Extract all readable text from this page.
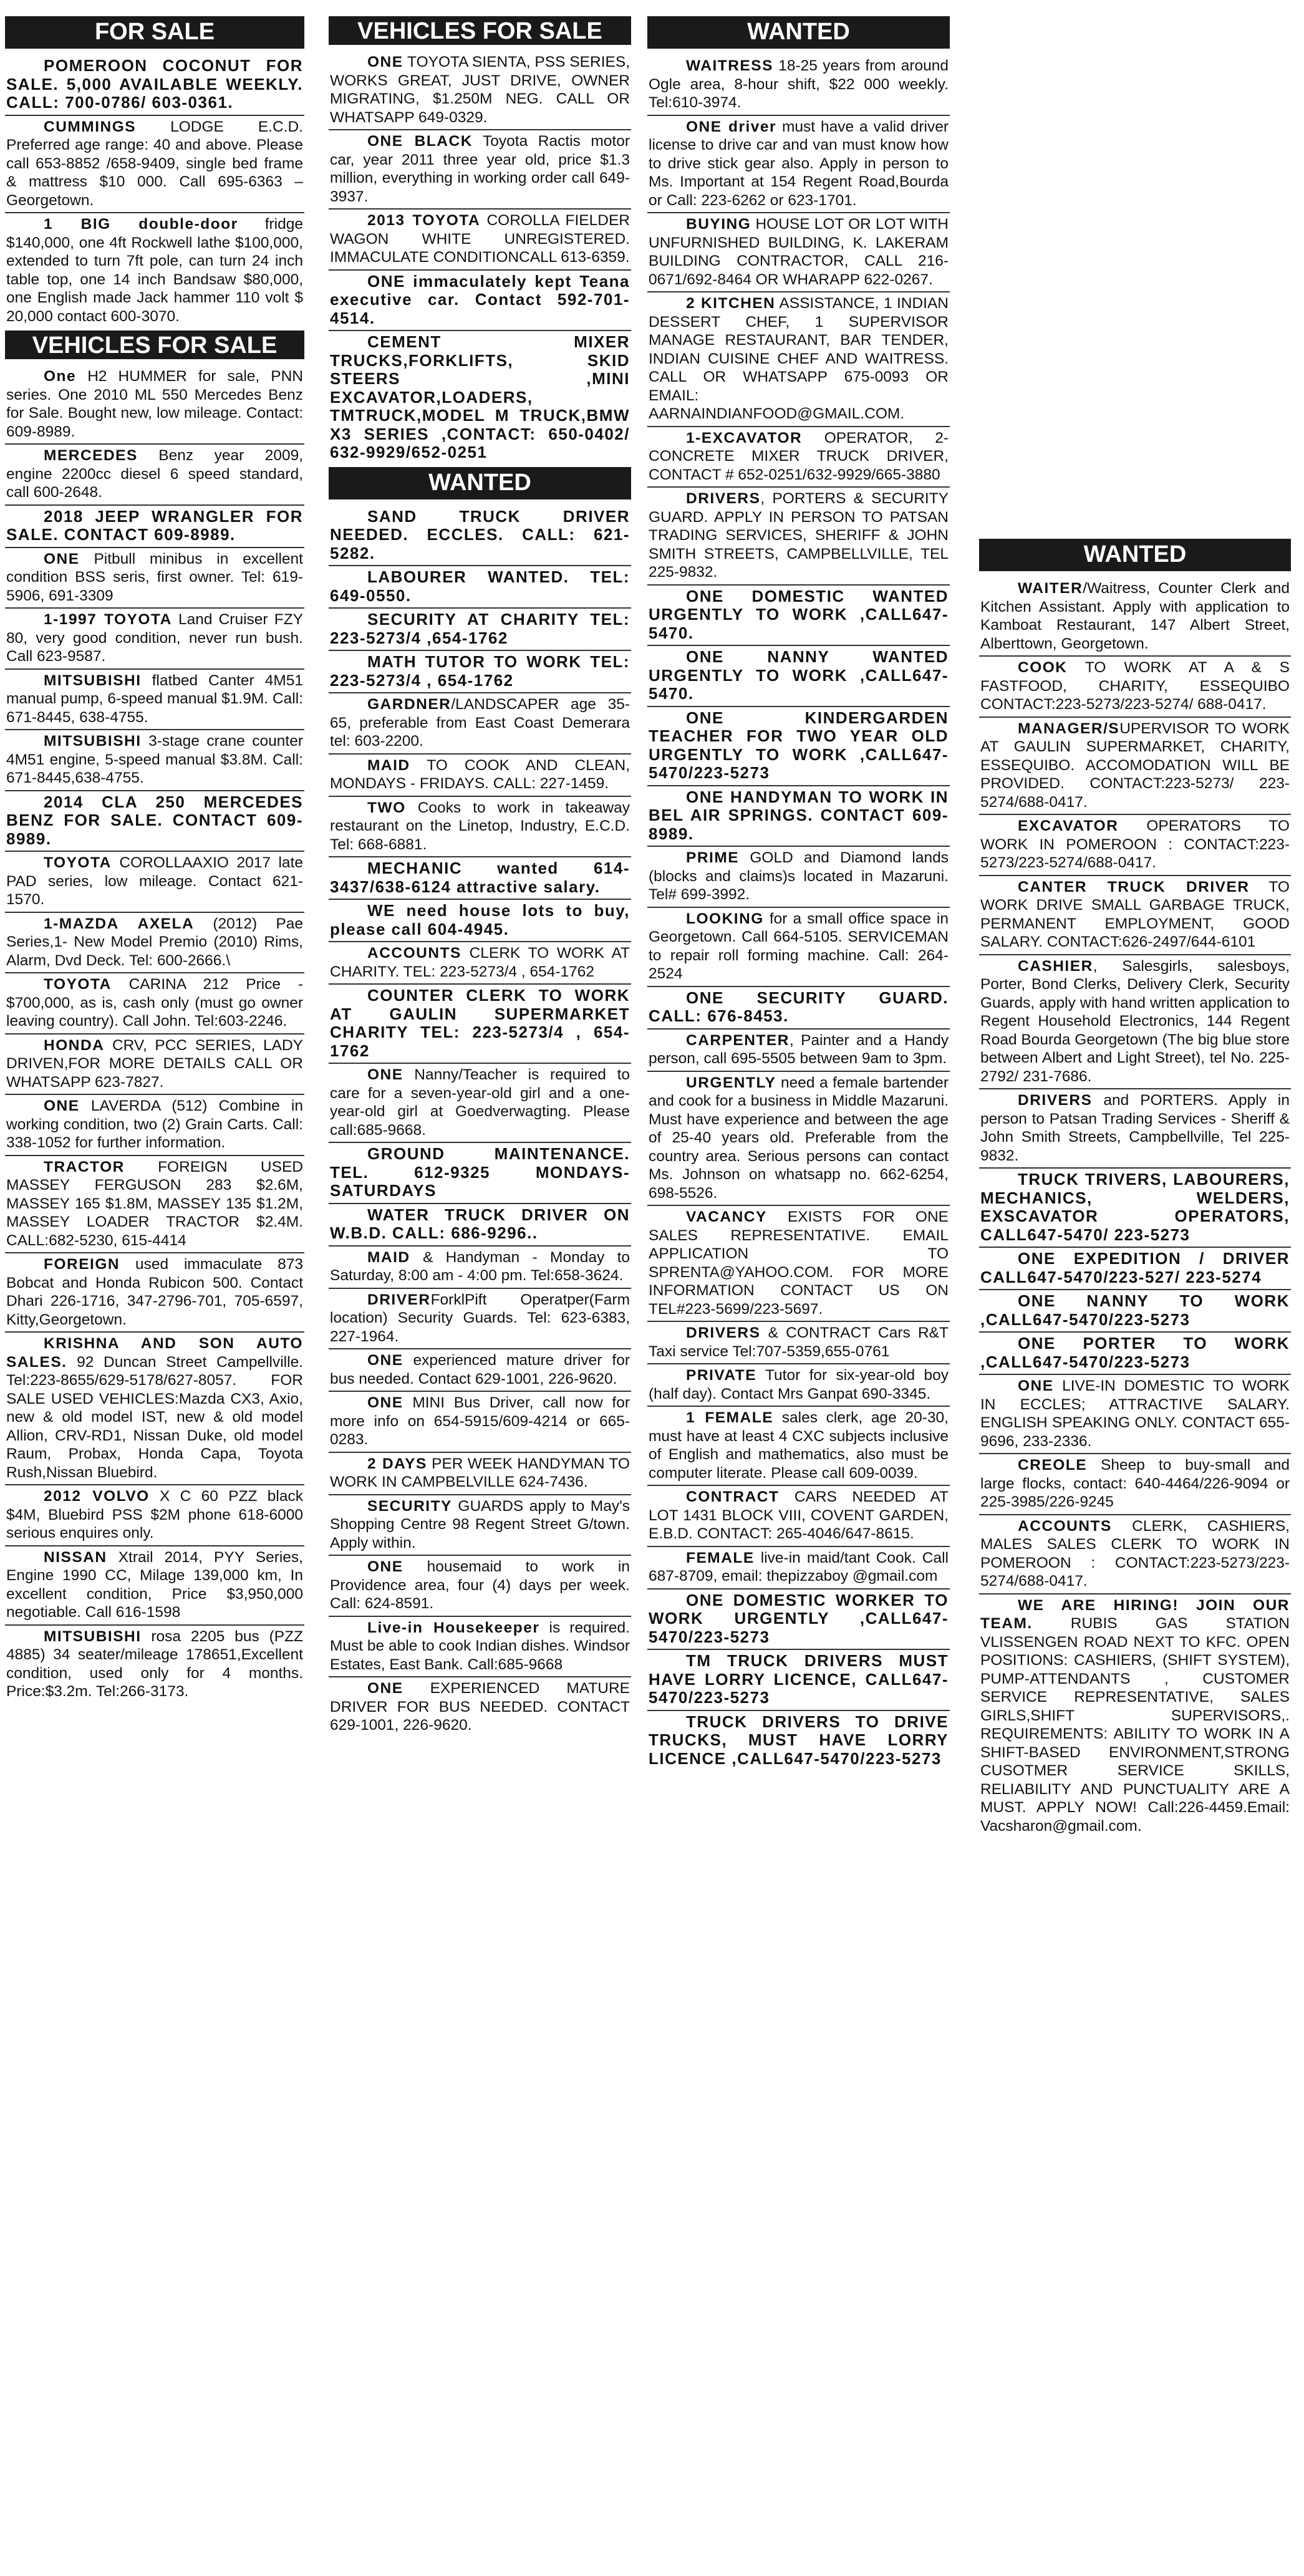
FOR SALE
POMEROON COCONUT FOR SALE. 5,000 AVAILABLE WEEKLY. CALL: 700-0786/ 603-0361.
CUMMINGS LODGE E.C.D. Preferred age range: 40 and above. Please call 653-8852 /658-9409, single bed frame & mattress $10 000. Call 695-6363 – Georgetown.
1 BIG double-door fridge $140,000, one 4ft Rockwell lathe $100,000, extended to turn 7ft pole, can turn 24 inch table top, one 14 inch Bandsaw $80,000, one English made Jack hammer 110 volt $ 20,000 contact 600-3070.
VEHICLES FOR SALE
One H2 HUMMER for sale, PNN series. One 2010 ML 550 Mercedes Benz for Sale. Bought new, low mileage. Contact: 609-8989.
MERCEDES Benz year 2009, engine 2200cc diesel 6 speed standard, call 600-2648.
2018 JEEP WRANGLER FOR SALE. CONTACT 609-8989.
ONE Pitbull minibus in excellent condition BSS seris, first owner. Tel: 619-5906, 691-3309
1-1997 TOYOTA Land Cruiser FZY 80, very good condition, never run bush. Call 623-9587.
MITSUBISHI flatbed Canter 4M51 manual pump, 6-speed manual $1.9M. Call: 671-8445, 638-4755.
MITSUBISHI 3-stage crane counter 4M51 engine, 5-speed manual $3.8M. Call: 671-8445,638-4755.
2014 CLA 250 MERCEDES BENZ FOR SALE. CONTACT 609-8989.
TOYOTA COROLLAAXIO 2017 late PAD series, low mileage. Contact 621-1570.
1-MAZDA AXELA (2012) Pae Series,1- New Model Premio (2010) Rims, Alarm, Dvd Deck. Tel: 600-2666.\
TOYOTA CARINA 212 Price - $700,000, as is, cash only (must go owner leaving country). Call John. Tel:603-2246.
HONDA CRV, PCC SERIES, LADY DRIVEN,FOR MORE DETAILS CALL OR WHATSAPP 623-7827.
ONE LAVERDA (512) Combine in working condition, two (2) Grain Carts. Call: 338-1052 for further information.
TRACTOR FOREIGN USED MASSEY FERGUSON 283 $2.6M, MASSEY 165 $1.8M, MASSEY 135 $1.2M, MASSEY LOADER TRACTOR $2.4M. CALL:682-5230, 615-4414
FOREIGN used immaculate 873 Bobcat and Honda Rubicon 500. Contact Dhari 226-1716, 347-2796-701, 705-6597, Kitty,Georgetown.
KRISHNA AND SON AUTO SALES. 92 Duncan Street Campellville. Tel:223-8655/629-5178/627-8057. FOR SALE USED VEHICLES:Mazda CX3, Axio, new & old model IST, new & old model Allion, CRV-RD1, Nissan Duke, old model Raum, Probax, Honda Capa, Toyota Rush,Nissan Bluebird.
2012 VOLVO X C 60 PZZ black $4M, Bluebird PSS $2M phone 618-6000 serious enquires only.
NISSAN Xtrail 2014, PYY Series, Engine 1990 CC, Milage 139,000 km, In excellent condition, Price $3,950,000 negotiable. Call 616-1598
MITSUBISHI rosa 2205 bus (PZZ 4885) 34 seater/mileage 178651,Excellent condition, used only for 4 months. Price:$3.2m. Tel:266-3173.
VEHICLES FOR SALE
ONE TOYOTA SIENTA, PSS SERIES, WORKS GREAT, JUST DRIVE, OWNER MIGRATING, $1.250M NEG. CALL OR WHATSAPP 649-0329.
ONE BLACK Toyota Ractis motor car, year 2011 three year old, price $1.3 million, everything in working order call 649-3937.
2013 TOYOTA COROLLA FIELDER WAGON WHITE UNREGISTERED. IMMACULATE CONDITIONCALL 613-6359.
ONE immaculately kept Teana executive car. Contact 592-701-4514.
CEMENT MIXER TRUCKS,FORKLIFTS, SKID STEERS ,MINI EXCAVATOR,LOADERS, TMTRUCK,MODEL M TRUCK,BMW X3 SERIES ,CONTACT: 650-0402/ 632-9929/652-0251
WANTED
SAND TRUCK DRIVER NEEDED. ECCLES. CALL: 621-5282.
LABOURER WANTED. TEL: 649-0550.
SECURITY AT CHARITY TEL: 223-5273/4 ,654-1762
MATH TUTOR TO WORK TEL: 223-5273/4 , 654-1762
GARDNER/LANDSCAPER age 35-65, preferable from East Coast Demerara tel: 603-2200.
MAID TO COOK AND CLEAN, MONDAYS - FRIDAYS. CALL: 227-1459.
TWO Cooks to work in takeaway restaurant on the Linetop, Industry, E.C.D. Tel: 668-6881.
MECHANIC wanted 614-3437/638-6124 attractive salary.
WE need house lots to buy, please call 604-4945.
ACCOUNTS CLERK TO WORK AT CHARITY. TEL: 223-5273/4 , 654-1762
COUNTER CLERK TO WORK AT GAULIN SUPERMARKET CHARITY TEL: 223-5273/4 , 654-1762
ONE Nanny/Teacher is required to care for a seven-year-old girl and a one-year-old girl at Goedverwagting. Please call:685-9668.
GROUND MAINTENANCE. TEL. 612-9325 MONDAYS-SATURDAYS
WATER TRUCK DRIVER ON W.B.D. CALL: 686-9296..
MAID & Handyman - Monday to Saturday, 8:00 am - 4:00 pm. Tel:658-3624.
DRIVERForklPift Operatper(Farm location) Security Guards. Tel: 623-6383, 227-1964.
ONE experienced mature driver for bus needed. Contact 629-1001, 226-9620.
ONE MINI Bus Driver, call now for more info on 654-5915/609-4214 or 665-0283.
2 DAYS PER WEEK HANDYMAN TO WORK IN CAMPBELVILLE 624-7436.
SECURITY GUARDS apply to May's Shopping Centre 98 Regent Street G/town. Apply within.
ONE housemaid to work in Providence area, four (4) days per week. Call: 624-8591.
Live-in Housekeeper is required. Must be able to cook Indian dishes. Windsor Estates, East Bank. Call:685-9668
ONE EXPERIENCED MATURE DRIVER FOR BUS NEEDED. CONTACT 629-1001, 226-9620.
WANTED
WAITRESS 18-25 years from around Ogle area, 8-hour shift, $22 000 weekly. Tel:610-3974.
ONE driver must have a valid driver license to drive car and van must know how to drive stick gear also. Apply in person to Ms. Important at 154 Regent Road,Bourda or Call: 223-6262 or 623-1701.
BUYING HOUSE LOT OR LOT WITH UNFURNISHED BUILDING, K. LAKERAM BUILDING CONTRACTOR, CALL 216-0671/692-8464 OR WHARAPP 622-0267.
2 KITCHEN ASSISTANCE, 1 INDIAN DESSERT CHEF, 1 SUPERVISOR MANAGE RESTAURANT, BAR TENDER, INDIAN CUISINE CHEF AND WAITRESS. CALL OR WHATSAPP 675-0093 OR EMAIL: AARNAINDIANFOOD@GMAIL.COM.
1-EXCAVATOR OPERATOR, 2- CONCRETE MIXER TRUCK DRIVER, CONTACT # 652-0251/632-9929/665-3880
DRIVERS, PORTERS & SECURITY GUARD. APPLY IN PERSON TO PATSAN TRADING SERVICES, SHERIFF & JOHN SMITH STREETS, CAMPBELLVILLE, TEL 225-9832.
ONE DOMESTIC WANTED URGENTLY TO WORK ,CALL647-5470.
ONE NANNY WANTED URGENTLY TO WORK ,CALL647-5470.
ONE KINDERGARDEN TEACHER FOR TWO YEAR OLD URGENTLY TO WORK ,CALL647-5470/223-5273
ONE HANDYMAN TO WORK IN BEL AIR SPRINGS. CONTACT 609-8989.
PRIME GOLD and Diamond lands (blocks and claims)s located in Mazaruni. Tel# 699-3992.
LOOKING for a small office space in Georgetown. Call 664-5105. SERVICEMAN to repair roll forming machine. Call: 264-2524
ONE SECURITY GUARD. CALL: 676-8453.
CARPENTER, Painter and a Handy person, call 695-5505 between 9am to 3pm.
URGENTLY need a female bartender and cook for a business in Middle Mazaruni. Must have experience and between the age of 25-40 years old. Preferable from the country area. Serious persons can contact Ms. Johnson on whatsapp no. 662-6254, 698-5526.
VACANCY EXISTS FOR ONE SALES REPRESENTATIVE. EMAIL APPLICATION TO SPRENTA@YAHOO.COM. FOR MORE INFORMATION CONTACT US ON TEL#223-5699/223-5697.
DRIVERS & CONTRACT Cars R&T Taxi service Tel:707-5359,655-0761
PRIVATE Tutor for six-year-old boy (half day). Contact Mrs Ganpat 690-3345.
1 FEMALE sales clerk, age 20-30, must have at least 4 CXC subjects inclusive of English and mathematics, also must be computer literate. Please call 609-0039.
CONTRACT CARS NEEDED AT LOT 1431 BLOCK VIII, COVENT GARDEN, E.B.D. CONTACT: 265-4046/647-8615.
FEMALE live-in maid/tant Cook. Call 687-8709, email: thepizzaboy @gmail.com
ONE DOMESTIC WORKER TO WORK URGENTLY ,CALL647-5470/223-5273
TM TRUCK DRIVERS MUST HAVE LORRY LICENCE, CALL647-5470/223-5273
TRUCK DRIVERS TO DRIVE TRUCKS, MUST HAVE LORRY LICENCE ,CALL647-5470/223-5273
WANTED
WAITER/Waitress, Counter Clerk and Kitchen Assistant. Apply with application to Kamboat Restaurant, 147 Albert Street, Alberttown, Georgetown.
COOK TO WORK AT A & S FASTFOOD, CHARITY, ESSEQUIBO CONTACT:223-5273/223-5274/ 688-0417.
MANAGER/SUPERVISOR TO WORK AT GAULIN SUPERMARKET, CHARITY, ESSEQUIBO. ACCOMODATION WILL BE PROVIDED. CONTACT:223-5273/ 223-5274/688-0417.
EXCAVATOR OPERATORS TO WORK IN POMEROON : CONTACT:223-5273/223-5274/688-0417.
CANTER TRUCK DRIVER TO WORK DRIVE SMALL GARBAGE TRUCK, PERMANENT EMPLOYMENT, GOOD SALARY. CONTACT:626-2497/644-6101
CASHIER, Salesgirls, salesboys, Porter, Bond Clerks, Delivery Clerk, Security Guards, apply with hand written application to Regent Household Electronics, 144 Regent Road Bourda Georgetown (The big blue store between Albert and Light Street), tel No. 225-2792/ 231-7686.
DRIVERS and PORTERS. Apply in person to Patsan Trading Services - Sheriff & John Smith Streets, Campbellville, Tel 225-9832.
TRUCK TRIVERS, LABOURERS, MECHANICS, WELDERS, EXSCAVATOR OPERATORS, CALL647-5470/ 223-5273
ONE EXPEDITION / DRIVER CALL647-5470/223-527/ 223-5274
ONE NANNY TO WORK ,CALL647-5470/223-5273
ONE PORTER TO WORK ,CALL647-5470/223-5273
ONE LIVE-IN DOMESTIC TO WORK IN ECCLES; ATTRACTIVE SALARY. ENGLISH SPEAKING ONLY. CONTACT 655-9696, 233-2336.
CREOLE Sheep to buy-small and large flocks, contact: 640-4464/226-9094 or 225-3985/226-9245
ACCOUNTS CLERK, CASHIERS, MALES SALES CLERK TO WORK IN POMEROON : CONTACT:223-5273/223-5274/688-0417.
WE ARE HIRING! JOIN OUR TEAM. RUBIS GAS STATION VLISSENGEN ROAD NEXT TO KFC. OPEN POSITIONS: CASHIERS, (SHIFT SYSTEM), PUMP-ATTENDANTS , CUSTOMER SERVICE REPRESENTATIVE, SALES GIRLS,SHIFT SUPERVISORS,. REQUIREMENTS: ABILITY TO WORK IN A SHIFT-BASED ENVIRONMENT,STRONG CUSOTMER SERVICE SKILLS, RELIABILITY AND PUNCTUALITY ARE A MUST. APPLY NOW! Call:226-4459.Email: Vacsharon@gmail.com.
